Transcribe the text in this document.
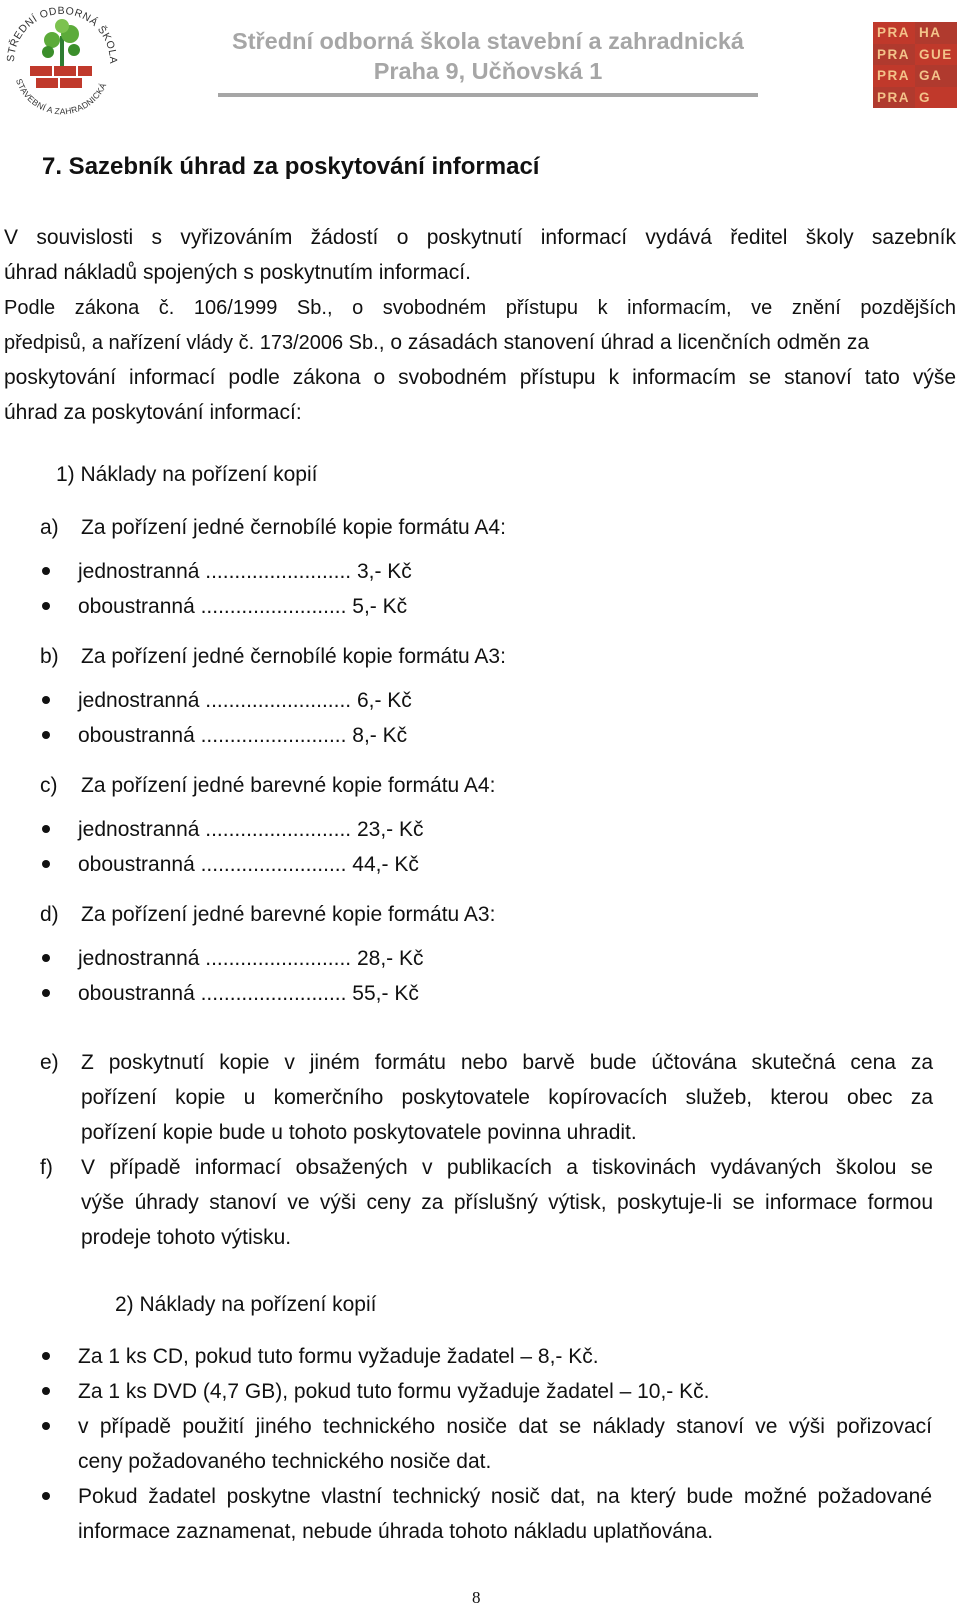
STŘEDNÍ ODBORNÁ ŠKOLA
STAVEBNÍ A ZAHRADNICKÁ
Střední odborná škola stavební a zahradnická
Praha 9, Učňovská 1
PRA HA
PRA GUE
PRA GA
PRA G
7. Sazebník úhrad za poskytování informací
V souvislosti s vyřizováním žádostí o poskytnutí informací vydává ředitel školy sazebník
úhrad nákladů spojených s poskytnutím informací.
Podle zákona č. 106/1999 Sb., o svobodném přístupu k informacím, ve znění pozdějších
předpisů, a nařízení vlády č. 173/2006 Sb., o zásadách stanovení úhrad a licenčních odměn za
poskytování informací podle zákona o svobodném přístupu k informacím se stanoví tato výše
úhrad za poskytování informací:
1) Náklady na pořízení kopií
a) Za pořízení jedné černobílé kopie formátu A4:
jednostranná ......................... 3,- Kč
oboustranná ......................... 5,- Kč
b) Za pořízení jedné černobílé kopie formátu A3:
jednostranná ......................... 6,- Kč
oboustranná ......................... 8,- Kč
c) Za pořízení jedné barevné kopie formátu A4:
jednostranná ......................... 23,- Kč
oboustranná ......................... 44,- Kč
d) Za pořízení jedné barevné kopie formátu A3:
jednostranná ......................... 28,- Kč
oboustranná ......................... 55,- Kč
e) Z poskytnutí kopie v jiném formátu nebo barvě bude účtována skutečná cena za
pořízení kopie u komerčního poskytovatele kopírovacích služeb, kterou obec za
pořízení kopie bude u tohoto poskytovatele povinna uhradit.
f) V případě informací obsažených v publikacích a tiskovinách vydávaných školou se
výše úhrady stanoví ve výši ceny za příslušný výtisk, poskytuje-li se informace formou
prodeje tohoto výtisku.
2) Náklady na pořízení kopií
Za 1 ks CD, pokud tuto formu vyžaduje žadatel – 8,- Kč.
Za 1 ks DVD (4,7 GB), pokud tuto formu vyžaduje žadatel – 10,- Kč.
v případě použití jiného technického nosiče dat se náklady stanoví ve výši pořizovací
ceny požadovaného technického nosiče dat.
Pokud žadatel poskytne vlastní technický nosič dat, na který bude možné požadované
informace zaznamenat, nebude úhrada tohoto nákladu uplatňována.
8
